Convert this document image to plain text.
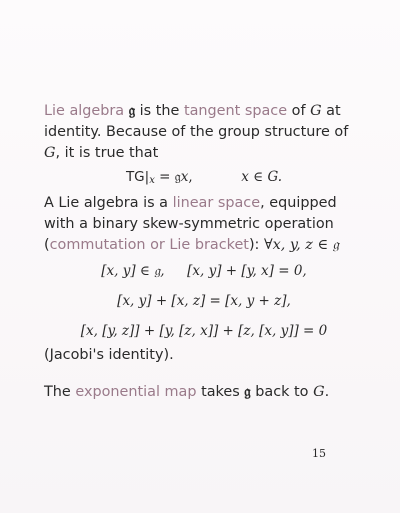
Lie algebra 𝔤 is the tangent space of G at identity. Because of the group structure of G, it is true that
$TG|_x$ = 𝔤x,	x ∈ G.
A Lie algebra is a linear space, equipped with a binary skew-symmetric operation (commutation or Lie bracket): ∀x, y, z ∈ 𝔤
[x, y] ∈ 𝔤, [x, y] + [y, x] = 0,
[x, y] + [x, z] = [x, y + z],
[x, [y, z]] + [y, [z, x]] + [z, [x, y]] = 0
(Jacobi's identity).
The exponential map takes 𝔤 back to G.
15
